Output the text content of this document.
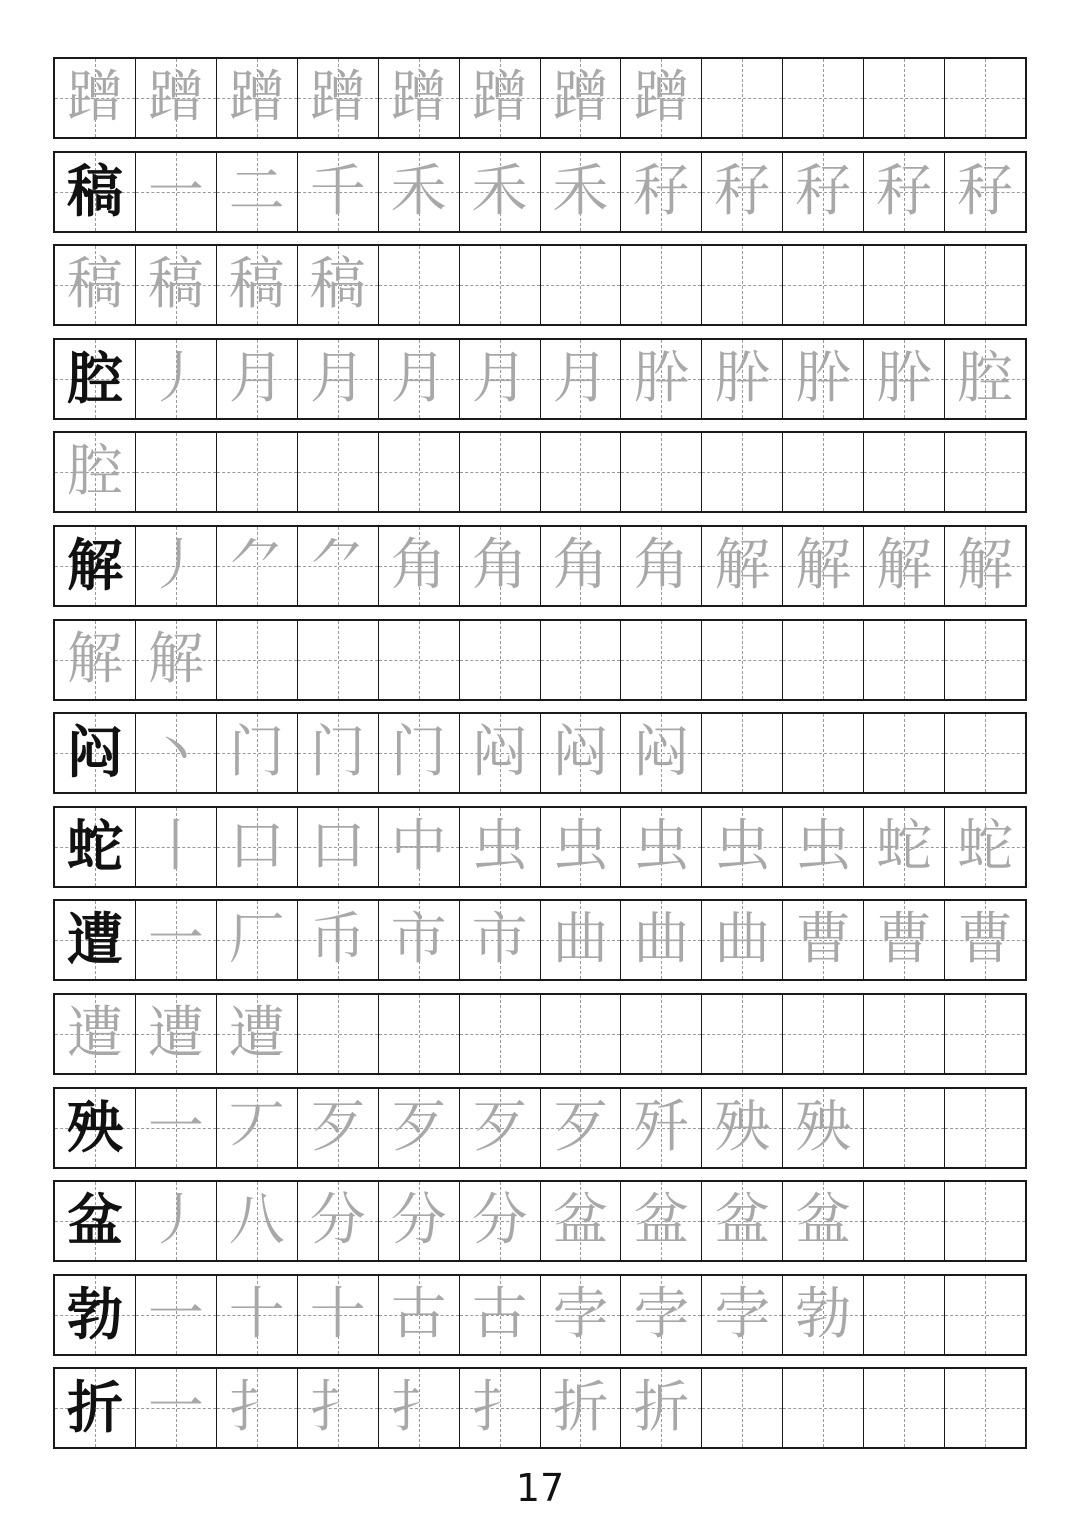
蹭 蹭 蹭 蹭 蹭 蹭 蹭 蹭
稿 一 二 千 禾 禾 禾 秄 秄 秄 秄 秄
稿 稿 稿 稿
腔 丿 月 月 月 月 月 肸 肸 肸 肸 腔
腔
解 丿 ⺈ ⺈ 角 角 角 角 解 解 解 解
解 解
闷 丶 门 门 门 闷 闷 闷
蛇 丨 口 口 中 虫 虫 虫 虫 虫 蛇 蛇
遭 一 厂 币 市 市 曲 曲 曲 曹 曹 曹
遭 遭 遭
殃 一 丆 歹 歹 歹 歹 歼 殃 殃
盆 丿 八 分 分 分 盆 盆 盆 盆
勃 一 十 十 古 古 孛 孛 孛 勃
折 一 扌 扌 扌 扌 折 折
17
